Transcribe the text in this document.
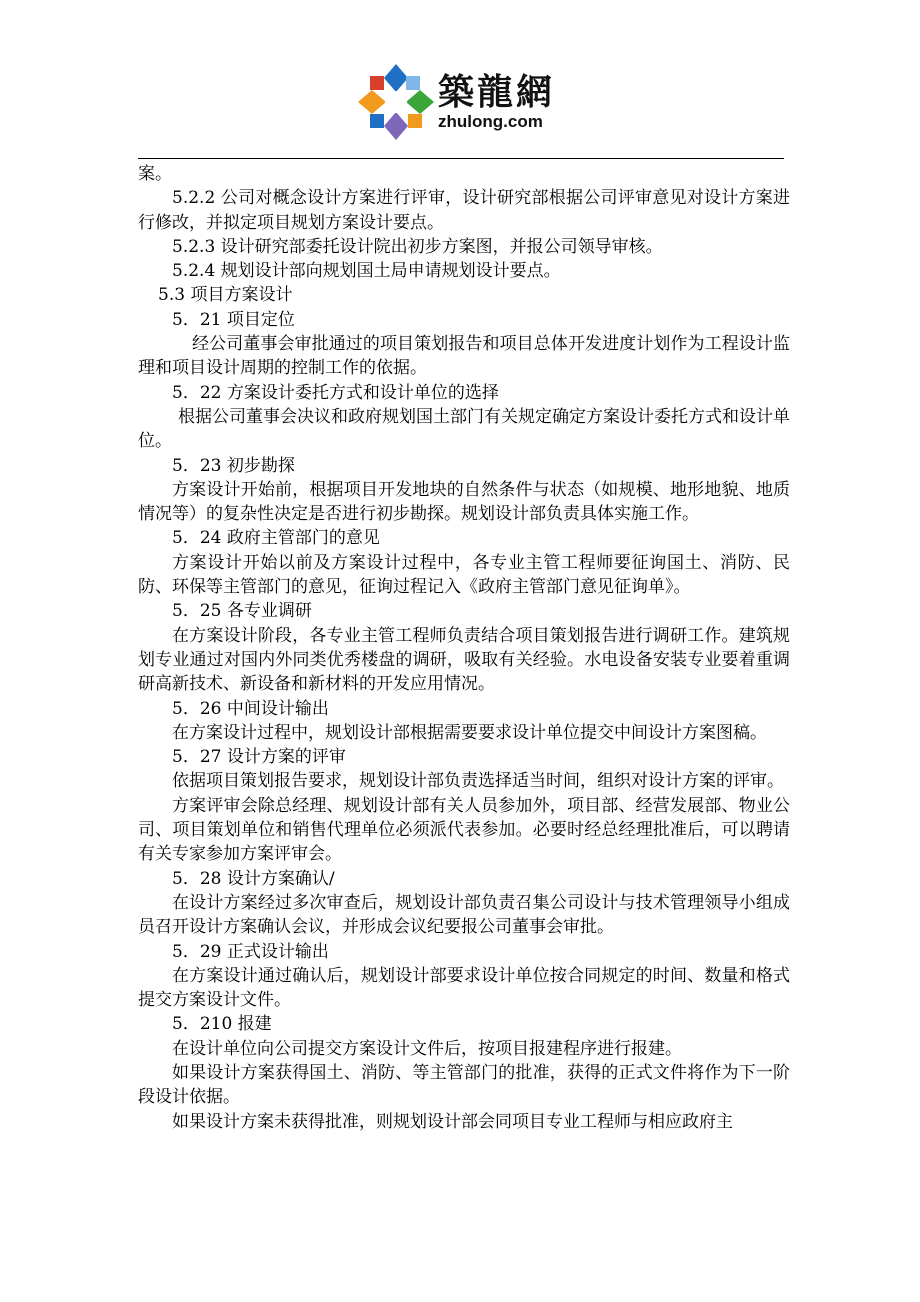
築龍網
zhulong.com

案。

5.2.2 公司对概念设计方案进行评审，设计研究部根据公司评审意见对设计方案进行修改，并拟定项目规划方案设计要点。

5.2.3 设计研究部委托设计院出初步方案图，并报公司领导审核。

5.2.4 规划设计部向规划国土局申请规划设计要点。

5.3 项目方案设计

5．21 项目定位

经公司董事会审批通过的项目策划报告和项目总体开发进度计划作为工程设计监理和项目设计周期的控制工作的依据。

5．22 方案设计委托方式和设计单位的选择

根据公司董事会决议和政府规划国土部门有关规定确定方案设计委托方式和设计单位。

5．23 初步勘探

方案设计开始前，根据项目开发地块的自然条件与状态（如规模、地形地貌、地质情况等）的复杂性决定是否进行初步勘探。规划设计部负责具体实施工作。

5．24 政府主管部门的意见

方案设计开始以前及方案设计过程中，各专业主管工程师要征询国土、消防、民防、环保等主管部门的意见，征询过程记入《政府主管部门意见征询单》。

5．25 各专业调研

在方案设计阶段，各专业主管工程师负责结合项目策划报告进行调研工作。建筑规划专业通过对国内外同类优秀楼盘的调研，吸取有关经验。水电设备安装专业要着重调研高新技术、新设备和新材料的开发应用情况。

5．26 中间设计输出

在方案设计过程中，规划设计部根据需要要求设计单位提交中间设计方案图稿。

5．27 设计方案的评审

依据项目策划报告要求，规划设计部负责选择适当时间，组织对设计方案的评审。

方案评审会除总经理、规划设计部有关人员参加外，项目部、经营发展部、物业公司、项目策划单位和销售代理单位必须派代表参加。必要时经总经理批准后，可以聘请有关专家参加方案评审会。

5．28 设计方案确认/

在设计方案经过多次审查后，规划设计部负责召集公司设计与技术管理领导小组成员召开设计方案确认会议，并形成会议纪要报公司董事会审批。

5．29 正式设计输出

在方案设计通过确认后，规划设计部要求设计单位按合同规定的时间、数量和格式提交方案设计文件。

5．210 报建

在设计单位向公司提交方案设计文件后，按项目报建程序进行报建。

如果设计方案获得国土、消防、等主管部门的批准，获得的正式文件将作为下一阶段设计依据。

如果设计方案未获得批准，则规划设计部会同项目专业工程师与相应政府主
